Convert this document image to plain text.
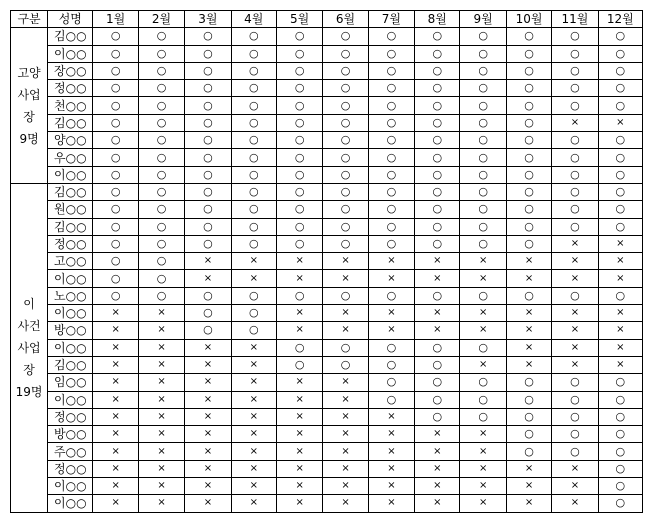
구분	성명	1월	2월	3월	4월	5월	6월	7월	8월	9월	10월	11월	12월

고양
사업
장
9명	김○○	○	○	○	○	○	○	○	○	○	○	○	○
	이○○	○	○	○	○	○	○	○	○	○	○	○	○
	장○○	○	○	○	○	○	○	○	○	○	○	○	○
	정○○	○	○	○	○	○	○	○	○	○	○	○	○
	천○○	○	○	○	○	○	○	○	○	○	○	○	○
	김○○	○	○	○	○	○	○	○	○	○	○	×	×
	양○○	○	○	○	○	○	○	○	○	○	○	○	○
	우○○	○	○	○	○	○	○	○	○	○	○	○	○
	이○○	○	○	○	○	○	○	○	○	○	○	○	○

이
사건
사업
장
19명	김○○	○	○	○	○	○	○	○	○	○	○	○	○
	원○○	○	○	○	○	○	○	○	○	○	○	○	○
	김○○	○	○	○	○	○	○	○	○	○	○	○	○
	정○○	○	○	○	○	○	○	○	○	○	○	×	×
	고○○	○	○	×	×	×	×	×	×	×	×	×	×
	이○○	○	○	×	×	×	×	×	×	×	×	×	×
	노○○	○	○	○	○	○	○	○	○	○	○	○	○
	이○○	×	×	○	○	×	×	×	×	×	×	×	×
	방○○	×	×	○	○	×	×	×	×	×	×	×	×
	이○○	×	×	×	×	○	○	○	○	○	×	×	×
	김○○	×	×	×	×	○	○	○	○	×	×	×	×
	임○○	×	×	×	×	×	×	○	○	○	○	○	○
	이○○	×	×	×	×	×	×	○	○	○	○	○	○
	정○○	×	×	×	×	×	×	×	○	○	○	○	○
	방○○	×	×	×	×	×	×	×	×	×	○	○	○
	주○○	×	×	×	×	×	×	×	×	×	○	○	○
	정○○	×	×	×	×	×	×	×	×	×	×	×	○
	이○○	×	×	×	×	×	×	×	×	×	×	×	○
	이○○	×	×	×	×	×	×	×	×	×	×	×	○
